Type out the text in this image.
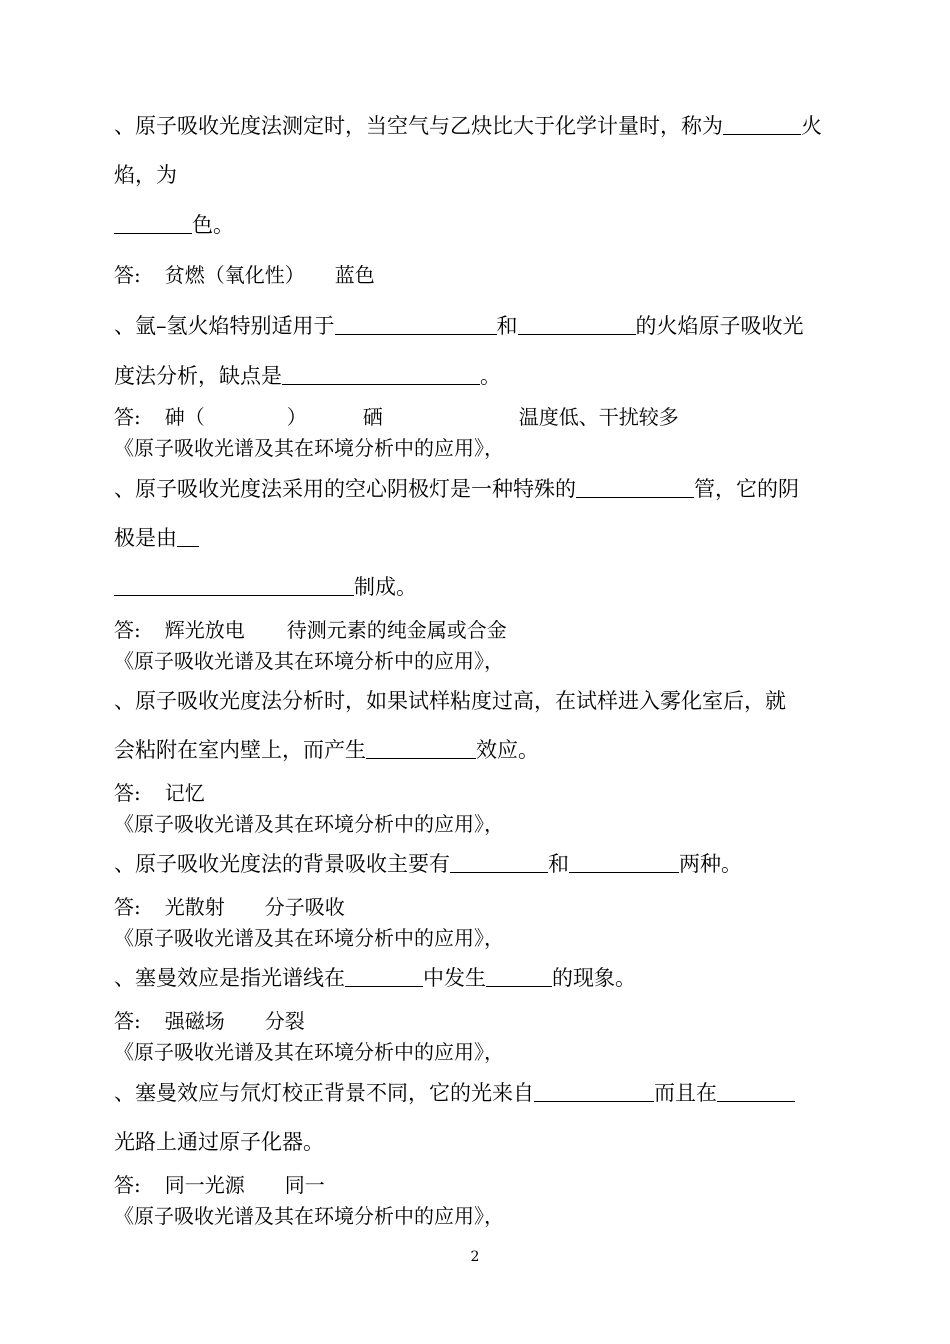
、原子吸收光度法测定时，当空气与乙炔比大于化学计量时，称为	火
焰，为
色。
答: 贫燃（氧化性） 蓝色
、氩–氢火焰特别适用于	和	的火焰原子吸收光
度法分析，缺点是	。
答: 砷（	）	硒	温度低、干扰较多
《原子吸收光谱及其在环境分析中的应用》，
、原子吸收光度法采用的空心阴极灯是一种特殊的	管，它的阴
极是由
制成。
答: 辉光放电 待测元素的纯金属或合金
《原子吸收光谱及其在环境分析中的应用》，
、原子吸收光度法分析时，如果试样粘度过高，在试样进入雾化室后，就
会粘附在室内壁上，而产生	效应。
答: 记忆
《原子吸收光谱及其在环境分析中的应用》，
、原子吸收光度法的背景吸收主要有	和	两种。
答: 光散射 分子吸收
《原子吸收光谱及其在环境分析中的应用》，
、塞曼效应是指光谱线在	中发生	的现象。
答: 强磁场 分裂
《原子吸收光谱及其在环境分析中的应用》，
、塞曼效应与氘灯校正背景不同，它的光来自	而且在
光路上通过原子化器。
答: 同一光源 同一
《原子吸收光谱及其在环境分析中的应用》，
2
